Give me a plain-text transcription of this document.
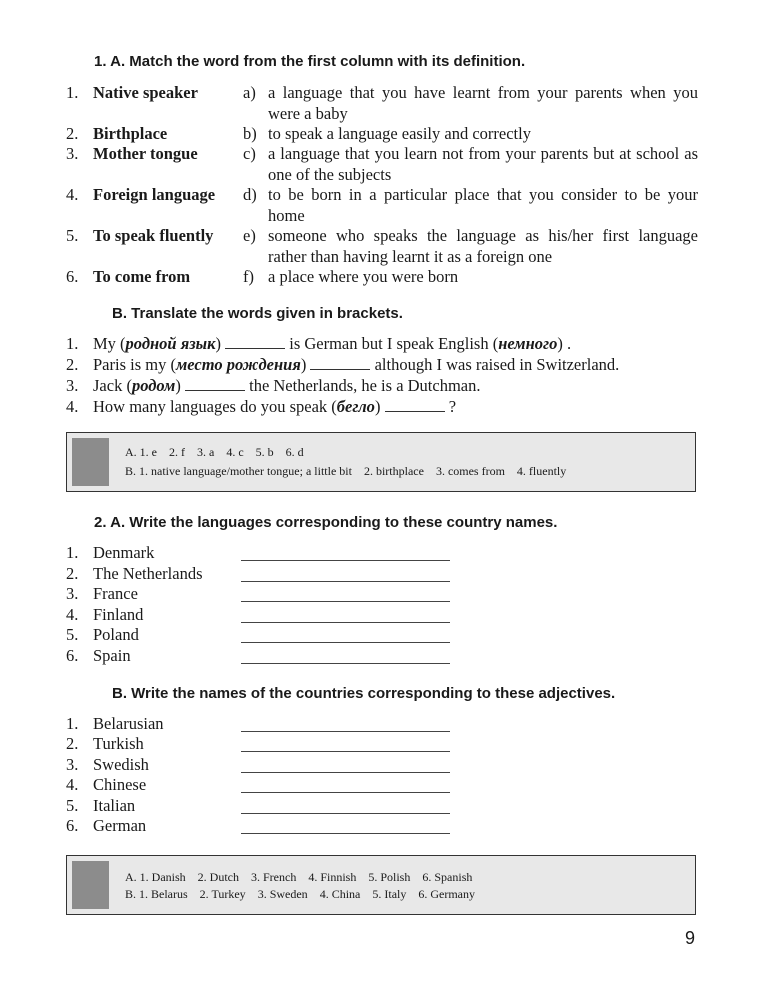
1. A. Match the word from the first column with its definition.
1. Native speaker	a) a language that you have learnt from your parents when you were a baby
2. Birthplace	b) to speak a language easily and correctly
3. Mother tongue	c) a language that you learn not from your parents but at school as one of the subjects
4. Foreign language d) to be born in a particular place that you consider to be your home
5. To speak fluently e) someone who speaks the language as his/her first language rather than having learnt it as a foreign one
6. To come from	f) a place where you were born
B. Translate the words given in brackets.
1. My (родной язык)	is German but I speak English (немного) .
2. Paris is my (место рождения)	although I was raised in Switzerland.
3. Jack (родом)	the Netherlands, he is a Dutchman.
4. How many languages do you speak (бегло)	?
A. 1. e 2. f 3. a 4. c 5. b 6. d
B. 1. native language/mother tongue; a little bit 2. birthplace 3. comes from 4. fluently
2. A. Write the languages corresponding to these country names.
1. Denmark
2. The Netherlands
3. France
4. Finland
5. Poland
6. Spain
B. Write the names of the countries corresponding to these adjectives.
1. Belarusian
2. Turkish
3. Swedish
4. Chinese
5. Italian
6. German
A. 1. Danish 2. Dutch 3. French 4. Finnish 5. Polish 6. Spanish
B. 1. Belarus 2. Turkey 3. Sweden 4. China 5. Italy 6. Germany
9
